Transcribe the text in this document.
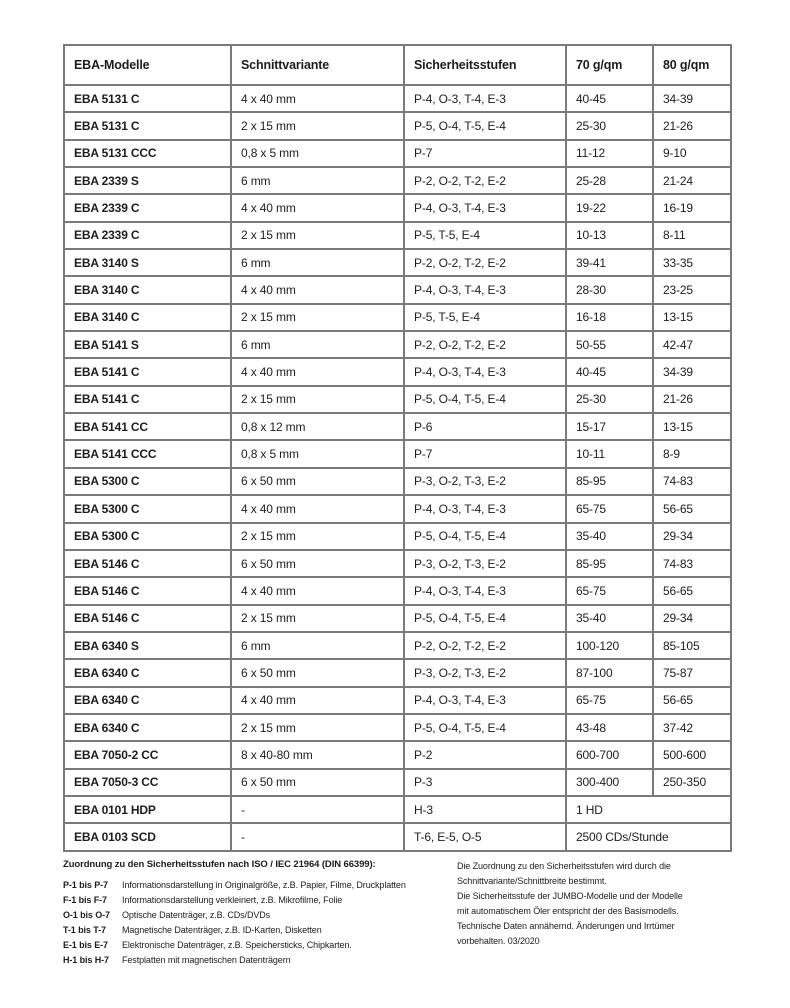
EBA-Modelle	Schnittvariante	Sicherheitsstufen	70 g/qm	80 g/qm
EBA 5131 C	4 x 40 mm	P-4, O-3, T-4, E-3	40-45	34-39
EBA 5131 C	2 x 15 mm	P-5, O-4, T-5, E-4	25-30	21-26
EBA 5131 CCC	0,8 x 5 mm	P-7	11-12	9-10
EBA 2339 S	6 mm	P-2, O-2, T-2, E-2	25-28	21-24
EBA 2339 C	4 x 40 mm	P-4, O-3, T-4, E-3	19-22	16-19
EBA 2339 C	2 x 15 mm	P-5, T-5, E-4	10-13	8-11
EBA 3140 S	6 mm	P-2, O-2, T-2, E-2	39-41	33-35
EBA 3140 C	4 x 40 mm	P-4, O-3, T-4, E-3	28-30	23-25
EBA 3140 C	2 x 15 mm	P-5, T-5, E-4	16-18	13-15
EBA 5141 S	6 mm	P-2, O-2, T-2, E-2	50-55	42-47
EBA 5141 C	4 x 40 mm	P-4, O-3, T-4, E-3	40-45	34-39
EBA 5141 C	2 x 15 mm	P-5, O-4, T-5, E-4	25-30	21-26
EBA 5141 CC	0,8 x 12 mm	P-6	15-17	13-15
EBA 5141 CCC	0,8 x 5 mm	P-7	10-11	8-9
EBA 5300 C	6 x 50 mm	P-3, O-2, T-3, E-2	85-95	74-83
EBA 5300 C	4 x 40 mm	P-4, O-3, T-4, E-3	65-75	56-65
EBA 5300 C	2 x 15 mm	P-5, O-4, T-5, E-4	35-40	29-34
EBA 5146 C	6 x 50 mm	P-3, O-2, T-3, E-2	85-95	74-83
EBA 5146 C	4 x 40 mm	P-4, O-3, T-4, E-3	65-75	56-65
EBA 5146 C	2 x 15 mm	P-5, O-4, T-5, E-4	35-40	29-34
EBA 6340 S	6 mm	P-2, O-2, T-2, E-2	100-120	85-105
EBA 6340 C	6 x 50 mm	P-3, O-2, T-3, E-2	87-100	75-87
EBA 6340 C	4 x 40 mm	P-4, O-3, T-4, E-3	65-75	56-65
EBA 6340 C	2 x 15 mm	P-5, O-4, T-5, E-4	43-48	37-42
EBA 7050-2 CC	8 x 40-80 mm	P-2	600-700	500-600
EBA 7050-3 CC	6 x 50 mm	P-3	300-400	250-350
EBA 0101 HDP	-	H-3	1 HD	
EBA 0103 SCD	-	T-6, E-5, O-5	2500 CDs/Stunde	
Zuordnung zu den Sicherheitsstufen nach ISO / IEC 21964 (DIN 66399):
P-1 bis P-7 Informationsdarstellung in Originalgröße, z.B. Papier, Filme, Druckplatten
F-1 bis F-7 Informationsdarstellung verkleinert, z.B. Mikrofilme, Folie
O-1 bis O-7 Optische Datenträger, z.B. CDs/DVDs
T-1 bis T-7 Magnetische Datenträger, z.B. ID-Karten, Disketten
E-1 bis E-7 Elektronische Datenträger, z.B. Speichersticks, Chipkarten.
H-1 bis H-7 Festplatten mit magnetischen Datenträgern
Die Zuordnung zu den Sicherheitsstufen wird durch die
Schnittvariante/Schnittbreite bestimmt.
Die Sicherheitsstufe der JUMBO-Modelle und der Modelle
mit automatischem Öler entspricht der des Basismodells.
Technische Daten annähernd. Änderungen und Irrtümer
vorbehalten. 03/2020
